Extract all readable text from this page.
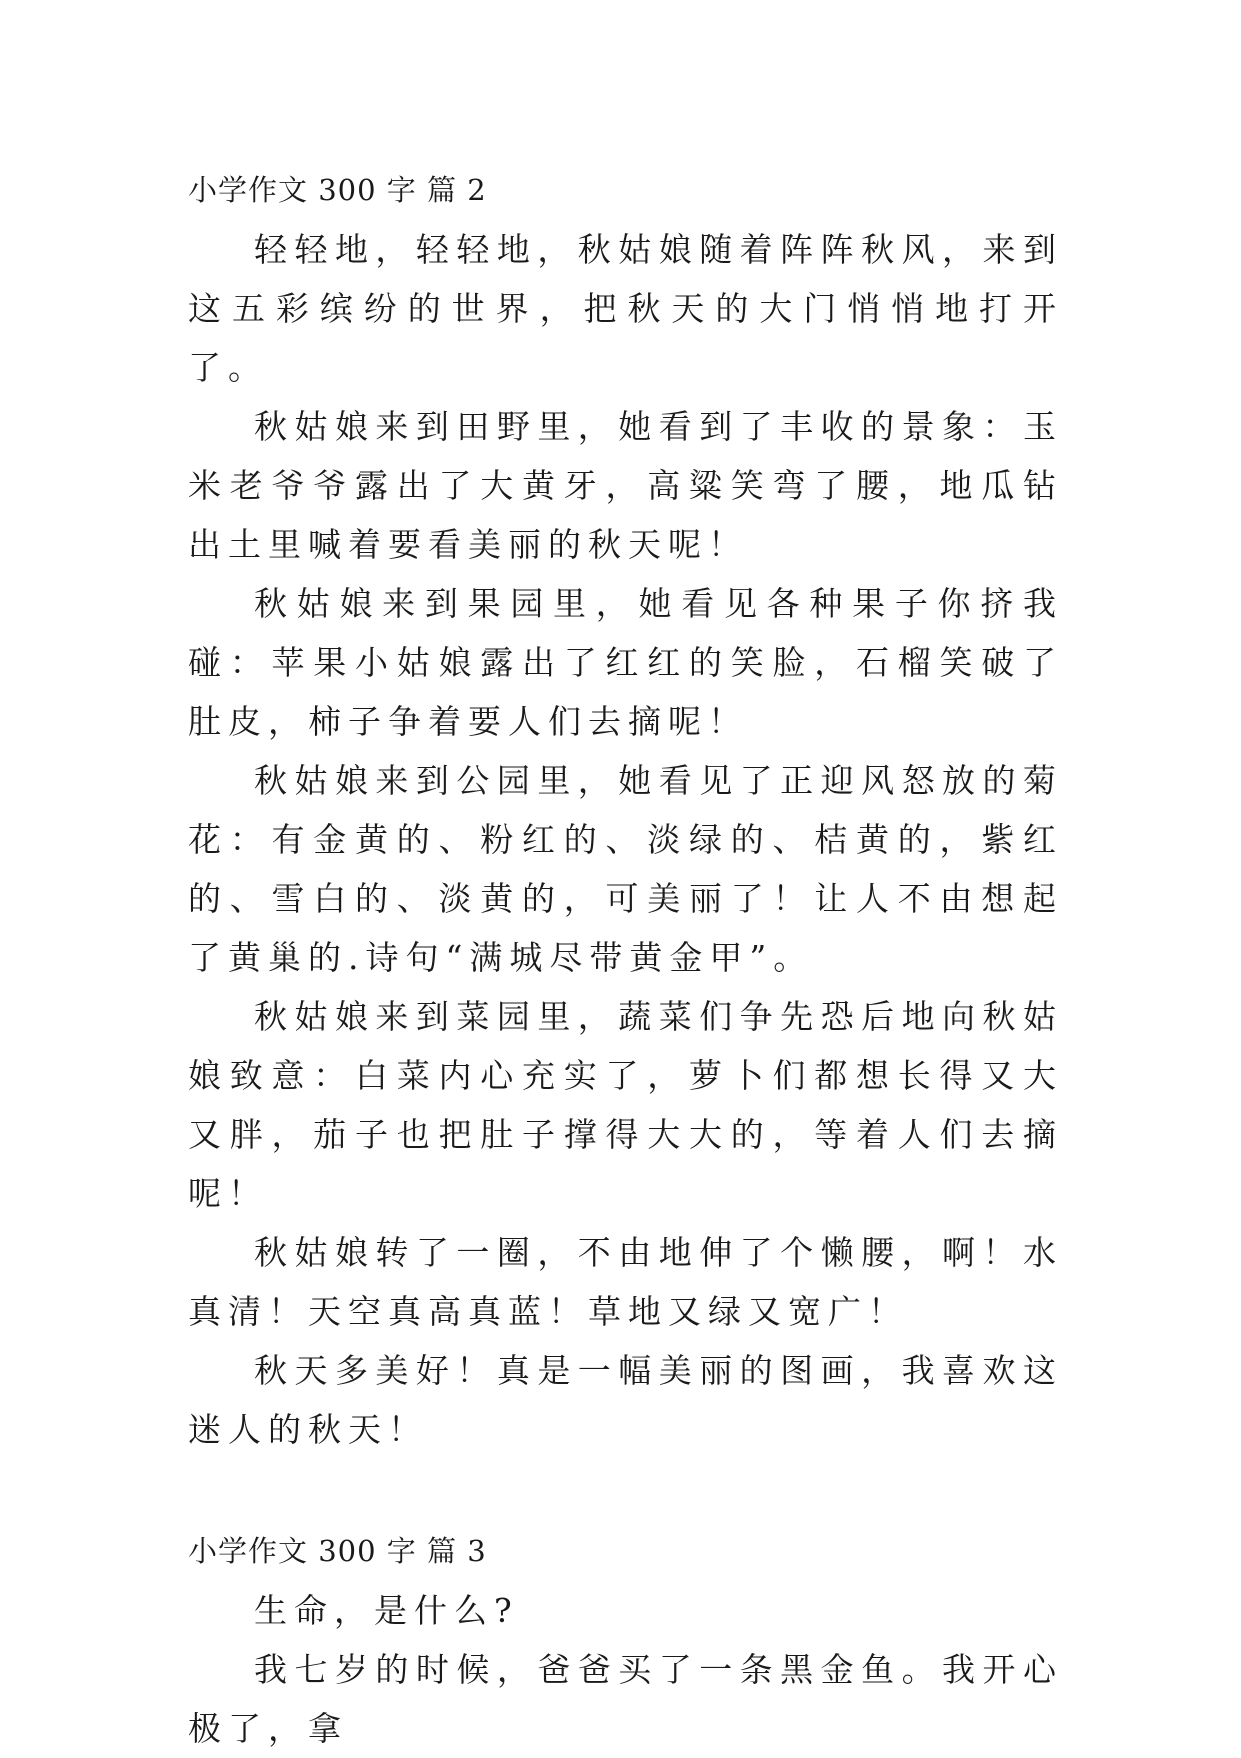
小学作文 300 字 篇 2

轻轻地，轻轻地，秋姑娘随着阵阵秋风，来到这五彩缤纷的世界，把秋天的大门悄悄地打开了。

秋姑娘来到田野里，她看到了丰收的景象：玉米老爷爷露出了大黄牙，高粱笑弯了腰，地瓜钻出土里喊着要看美丽的秋天呢！

秋姑娘来到果园里，她看见各种果子你挤我碰：苹果小姑娘露出了红红的笑脸，石榴笑破了肚皮，柿子争着要人们去摘呢！

秋姑娘来到公园里，她看见了正迎风怒放的菊花：有金黄的、粉红的、淡绿的、桔黄的，紫红的、雪白的、淡黄的，可美丽了！让人不由想起了黄巢的.诗句“满城尽带黄金甲”。

秋姑娘来到菜园里，蔬菜们争先恐后地向秋姑娘致意：白菜内心充实了，萝卜们都想长得又大又胖，茄子也把肚子撑得大大的，等着人们去摘呢！

秋姑娘转了一圈，不由地伸了个懒腰，啊！水真清！天空真高真蓝！草地又绿又宽广！

秋天多美好！真是一幅美丽的图画，我喜欢这迷人的秋天！

小学作文 300 字 篇 3

生命，是什么?

我七岁的时候，爸爸买了一条黑金鱼。我开心极了，拿
